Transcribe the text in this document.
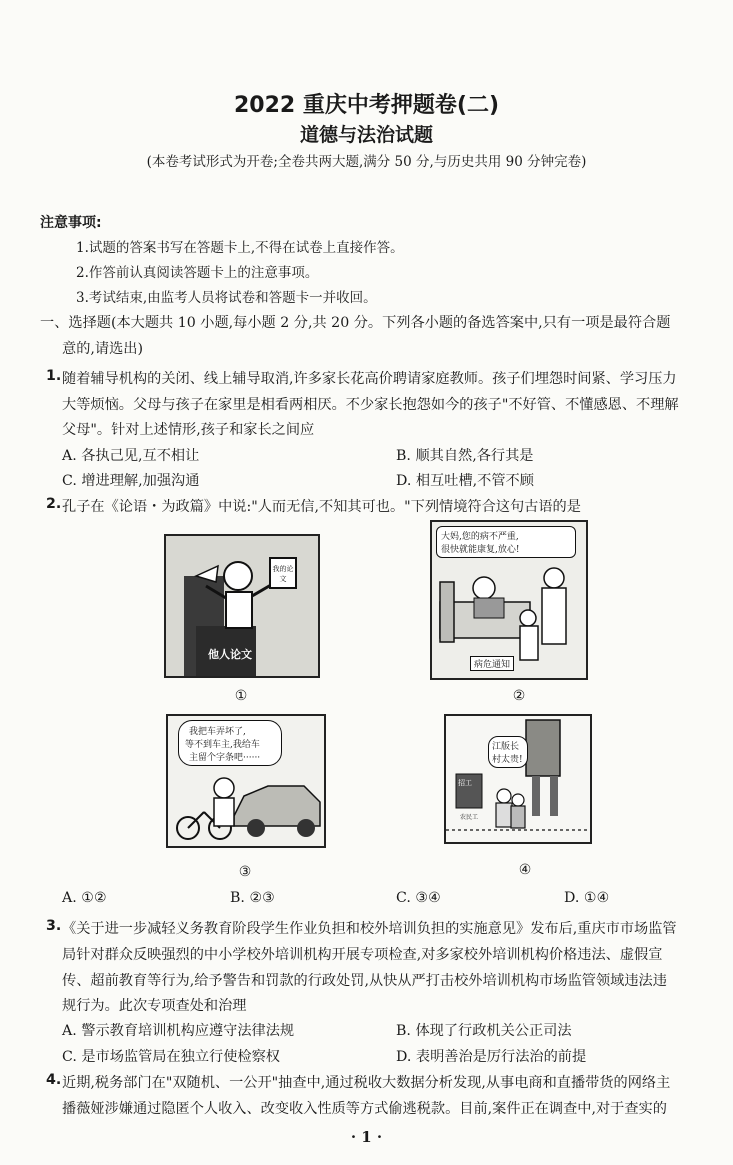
2022 重庆中考押题卷(二)
道德与法治试题
(本卷考试形式为开卷;全卷共两大题,满分 50 分,与历史共用 90 分钟完卷)
注意事项:
1.试题的答案书写在答题卡上,不得在试卷上直接作答。
2.作答前认真阅读答题卡上的注意事项。
3.考试结束,由监考人员将试卷和答题卡一并收回。
一、选择题(本大题共 10 小题,每小题 2 分,共 20 分。下列各小题的备选答案中,只有一项是最符合题
意的,请选出)
1. 随着辅导机构的关闭、线上辅导取消,许多家长花高价聘请家庭教师。孩子们埋怨时间紧、学习压力
大等烦恼。父母与孩子在家里是相看两相厌。不少家长抱怨如今的孩子"不好管、不懂感恩、不理解
父母"。针对上述情形,孩子和家长之间应
A. 各执己见,互不相让	B. 顺其自然,各行其是
C. 增进理解,加强沟通	D. 相互吐槽,不管不顾
2. 孔子在《论语・为政篇》中说:"人而无信,不知其可也。"下列情境符合这句古语的是
他人论文
我的论文
①
大妈,您的病不严重,
很快就能康复,放心!
病危通知
②
我把车弄坏了,
等不到车主,我给车
主留个字条吧······
③
江版长
村太贵!
招工
农民工
④
A. ①②	B. ②③	C. ③④	D. ①④
3. 《关于进一步减轻义务教育阶段学生作业负担和校外培训负担的实施意见》发布后,重庆市市场监管
局针对群众反映强烈的中小学校外培训机构开展专项检查,对多家校外培训机构价格违法、虚假宣
传、超前教育等行为,给予警告和罚款的行政处罚,从快从严打击校外培训机构市场监管领域违法违
规行为。此次专项查处和治理
A. 警示教育培训机构应遵守法律法规	B. 体现了行政机关公正司法
C. 是市场监管局在独立行使检察权	D. 表明善治是厉行法治的前提
4. 近期,税务部门在"双随机、一公开"抽查中,通过税收大数据分析发现,从事电商和直播带货的网络主
播薇娅涉嫌通过隐匿个人收入、改变收入性质等方式偷逃税款。目前,案件正在调查中,对于查实的
· 1 ·
